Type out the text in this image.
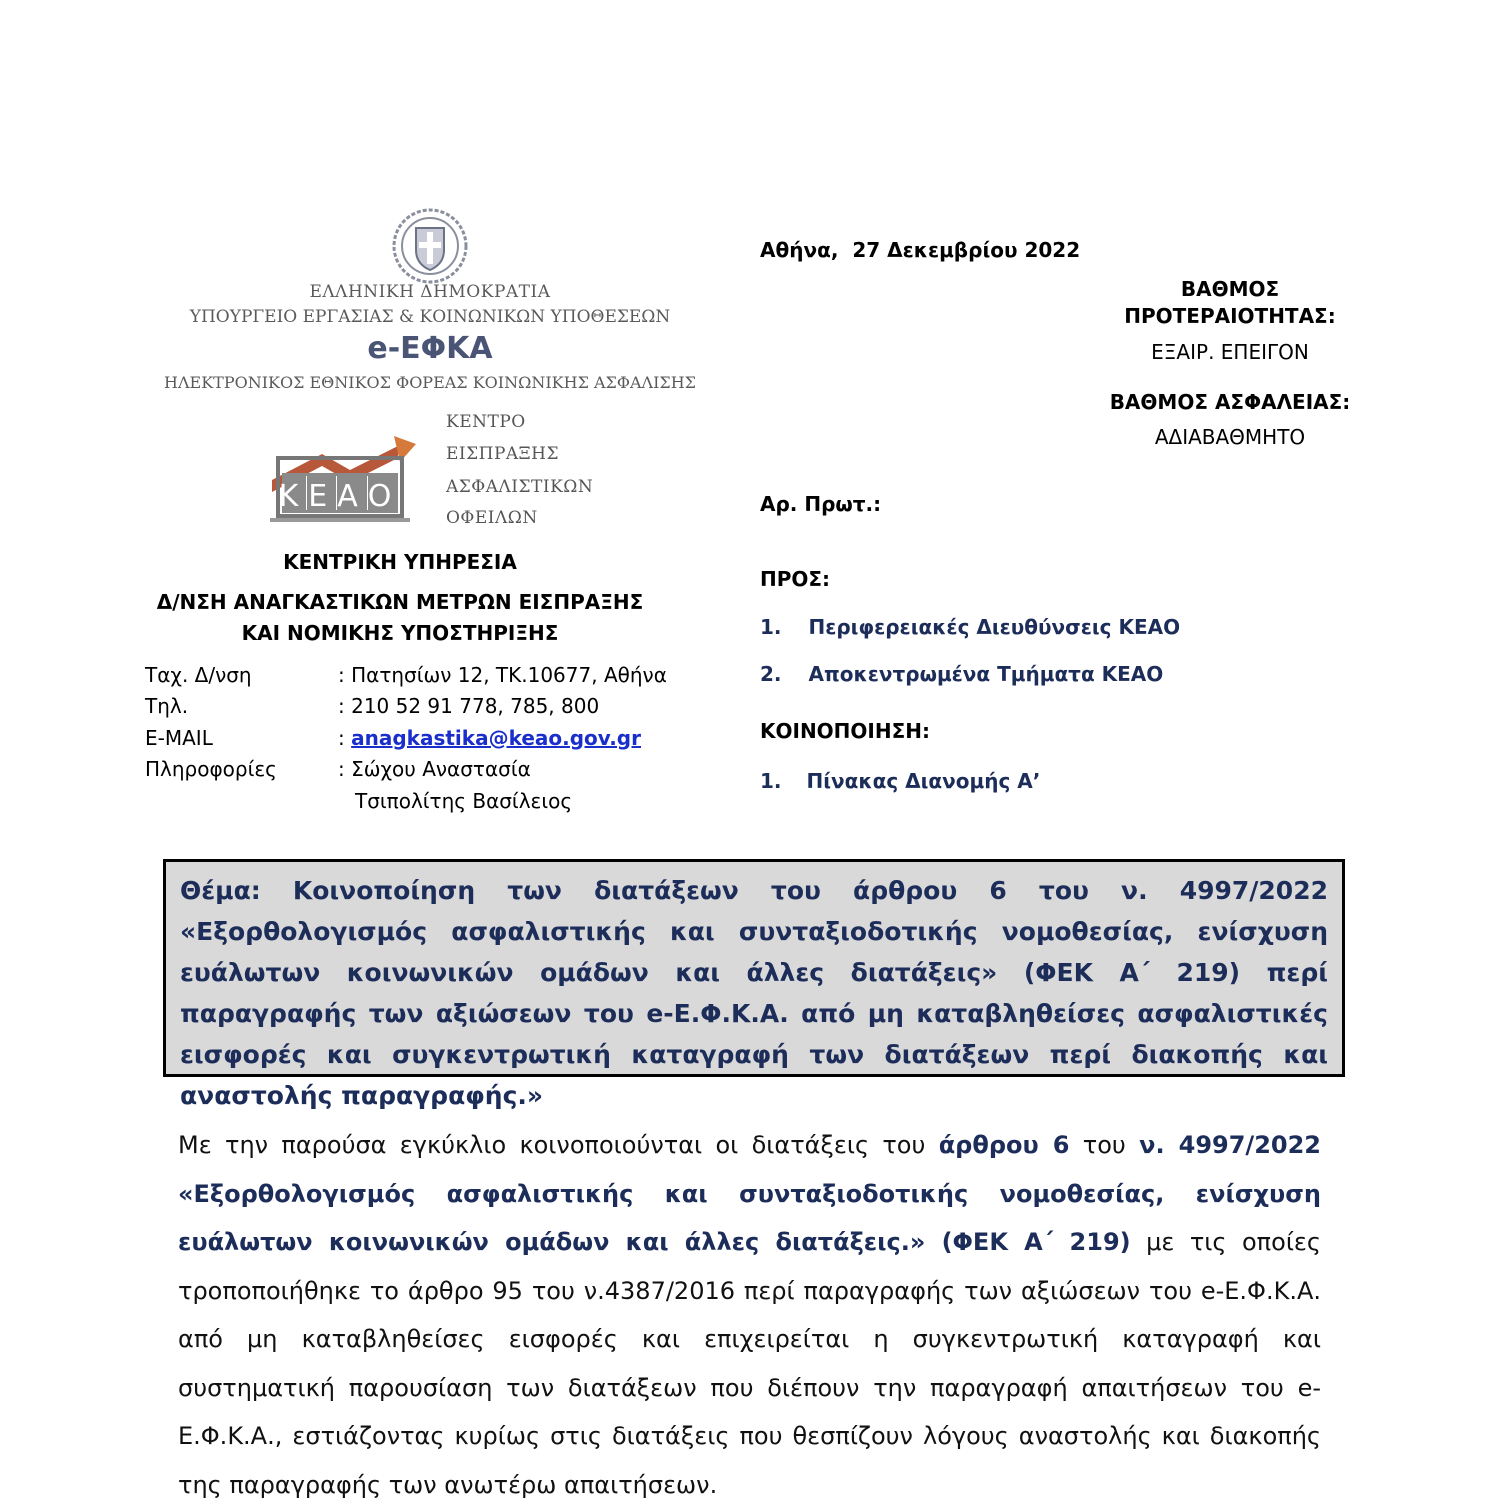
ΕΛΛΗΝΙΚΗ ΔΗΜΟΚΡΑΤΙΑ
ΥΠΟΥΡΓΕΙΟ ΕΡΓΑΣΙΑΣ & ΚΟΙΝΩΝΙΚΩΝ ΥΠΟΘΕΣΕΩΝ
e-ΕΦΚΑ
ΗΛΕΚΤΡΟΝΙΚΟΣ ΕΘΝΙΚΟΣ ΦΟΡΕΑΣ ΚΟΙΝΩΝΙΚΗΣ ΑΣΦΑΛΙΣΗΣ
ΚΕΑΟ
ΚΕΝΤΡΟ
ΕΙΣΠΡΑΞΗΣ
ΑΣΦΑΛΙΣΤΙΚΩΝ
ΟΦΕΙΛΩΝ
ΚΕΝΤΡΙΚΗ ΥΠΗΡΕΣΙΑ
Δ/ΝΣΗ ΑΝΑΓΚΑΣΤΙΚΩΝ ΜΕΤΡΩΝ ΕΙΣΠΡΑΞΗΣ
ΚΑΙ ΝΟΜΙΚΗΣ ΥΠΟΣΤΗΡΙΞΗΣ
Ταχ. Δ/νση	: Πατησίων 12, ΤΚ.10677, Αθήνα
Τηλ.	: 210 52 91 778, 785, 800
E-MAIL	: anagkastika@keao.gov.gr
Πληροφορίες	: Σώχου Αναστασία
Τσιπολίτης Βασίλειος
Αθήνα,  27 Δεκεμβρίου 2022
ΒΑΘΜΟΣ
ΠΡΟΤΕΡΑΙΟΤΗΤΑΣ:
ΕΞΑΙΡ. ΕΠΕΙΓΟΝ
ΒΑΘΜΟΣ ΑΣΦΑΛΕΙΑΣ:
ΑΔΙΑΒΑΘΜΗΤΟ
Αρ. Πρωτ.:
ΠΡΟΣ:
1. Περιφερειακές Διευθύνσεις ΚΕΑΟ
2. Αποκεντρωμένα Τμήματα ΚΕΑΟ
ΚΟΙΝΟΠΟΙΗΣΗ:
1. Πίνακας Διανομής Α’

Θέμα: Κοινοποίηση των διατάξεων του άρθρου 6 του ν. 4997/2022 «Εξορθολογισμός ασφαλιστικής και συνταξιοδοτικής νομοθεσίας, ενίσχυση ευάλωτων κοινωνικών ομάδων και άλλες διατάξεις» (ΦΕΚ Α΄ 219) περί παραγραφής των αξιώσεων του e-Ε.Φ.Κ.Α. από μη καταβληθείσες ασφαλιστικές εισφορές και συγκεντρωτική καταγραφή των διατάξεων περί διακοπής και αναστολής παραγραφής.»

Με την παρούσα εγκύκλιο κοινοποιούνται οι διατάξεις του άρθρου 6 του ν. 4997/2022 «Εξορθολογισμός ασφαλιστικής και συνταξιοδοτικής νομοθεσίας, ενίσχυση ευάλωτων κοινωνικών ομάδων και άλλες διατάξεις.» (ΦΕΚ Α΄ 219) με τις οποίες τροποποιήθηκε το άρθρο 95 του ν.4387/2016 περί παραγραφής των αξιώσεων του e-Ε.Φ.Κ.Α. από μη καταβληθείσες εισφορές και επιχειρείται η συγκεντρωτική καταγραφή και συστηματική παρουσίαση των διατάξεων που διέπουν την παραγραφή απαιτήσεων του e-Ε.Φ.Κ.Α., εστιάζοντας κυρίως στις διατάξεις που θεσπίζουν λόγους αναστολής και διακοπής της παραγραφής των ανωτέρω απαιτήσεων.
